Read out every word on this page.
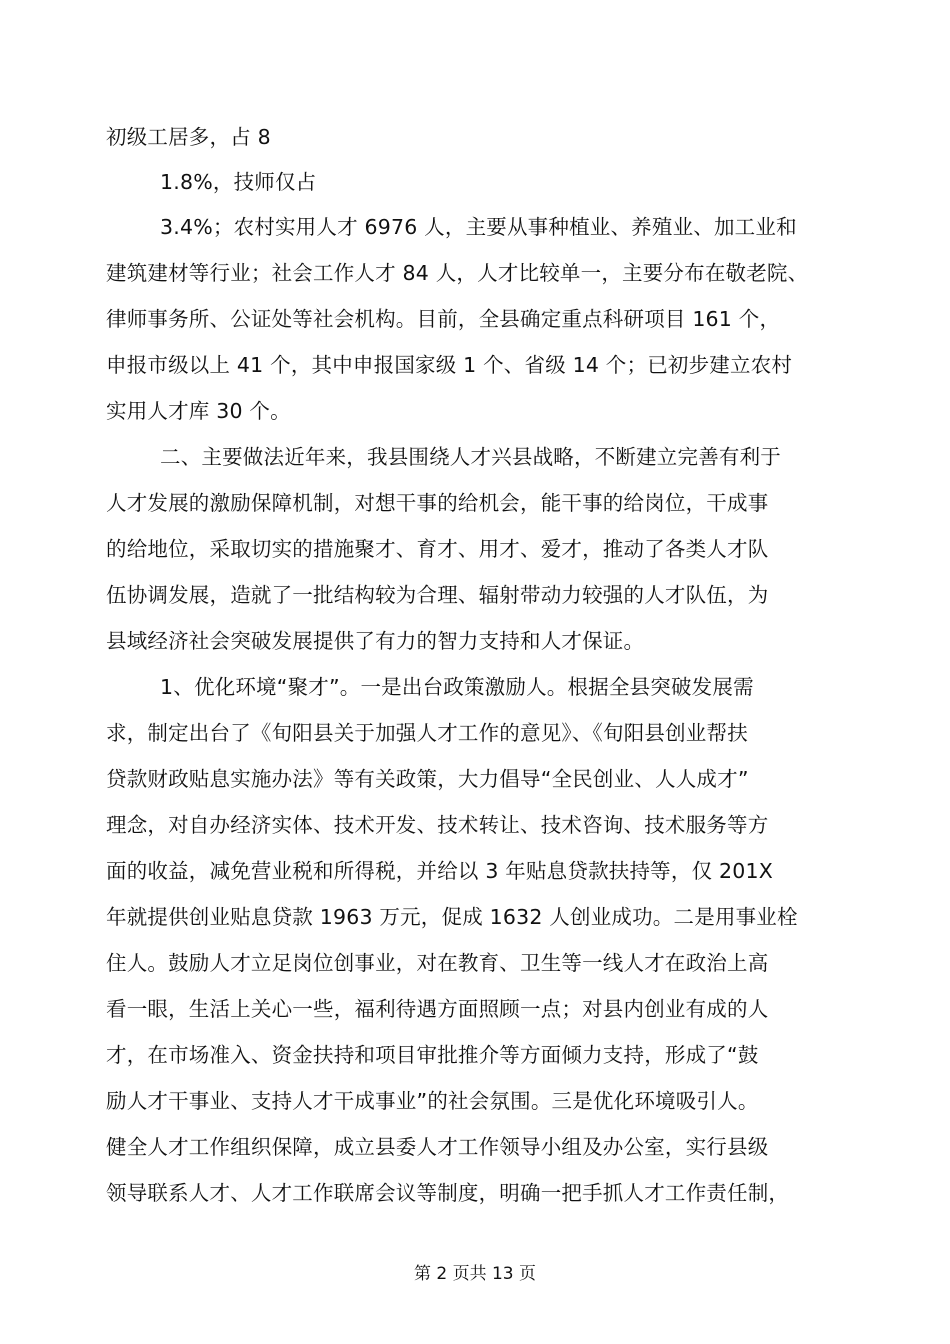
初级工居多，占 8
1.8%，技师仅占
3.4%；农村实用人才 6976 人，主要从事种植业、养殖业、加工业和
建筑建材等行业；社会工作人才 84 人，人才比较单一，主要分布在敬老院、
律师事务所、公证处等社会机构。目前，全县确定重点科研项目 161 个，
申报市级以上 41 个，其中申报国家级 1 个、省级 14 个；已初步建立农村
实用人才库 30 个。
二、主要做法近年来，我县围绕人才兴县战略，不断建立完善有利于
人才发展的激励保障机制，对想干事的给机会，能干事的给岗位，干成事
的给地位，采取切实的措施聚才、育才、用才、爱才，推动了各类人才队
伍协调发展，造就了一批结构较为合理、辐射带动力较强的人才队伍，为
县域经济社会突破发展提供了有力的智力支持和人才保证。
1、优化环境“聚才”。一是出台政策激励人。根据全县突破发展需
求，制定出台了《旬阳县关于加强人才工作的意见》、《旬阳县创业帮扶
贷款财政贴息实施办法》等有关政策，大力倡导“全民创业、人人成才”
理念，对自办经济实体、技术开发、技术转让、技术咨询、技术服务等方
面的收益，减免营业税和所得税，并给以 3 年贴息贷款扶持等，仅 201X
年就提供创业贴息贷款 1963 万元，促成 1632 人创业成功。二是用事业栓
住人。鼓励人才立足岗位创事业，对在教育、卫生等一线人才在政治上高
看一眼，生活上关心一些，福利待遇方面照顾一点；对县内创业有成的人
才，在市场准入、资金扶持和项目审批推介等方面倾力支持，形成了“鼓
励人才干事业、支持人才干成事业”的社会氛围。三是优化环境吸引人。
健全人才工作组织保障，成立县委人才工作领导小组及办公室，实行县级
领导联系人才、人才工作联席会议等制度，明确一把手抓人才工作责任制，
第 2 页共 13 页
